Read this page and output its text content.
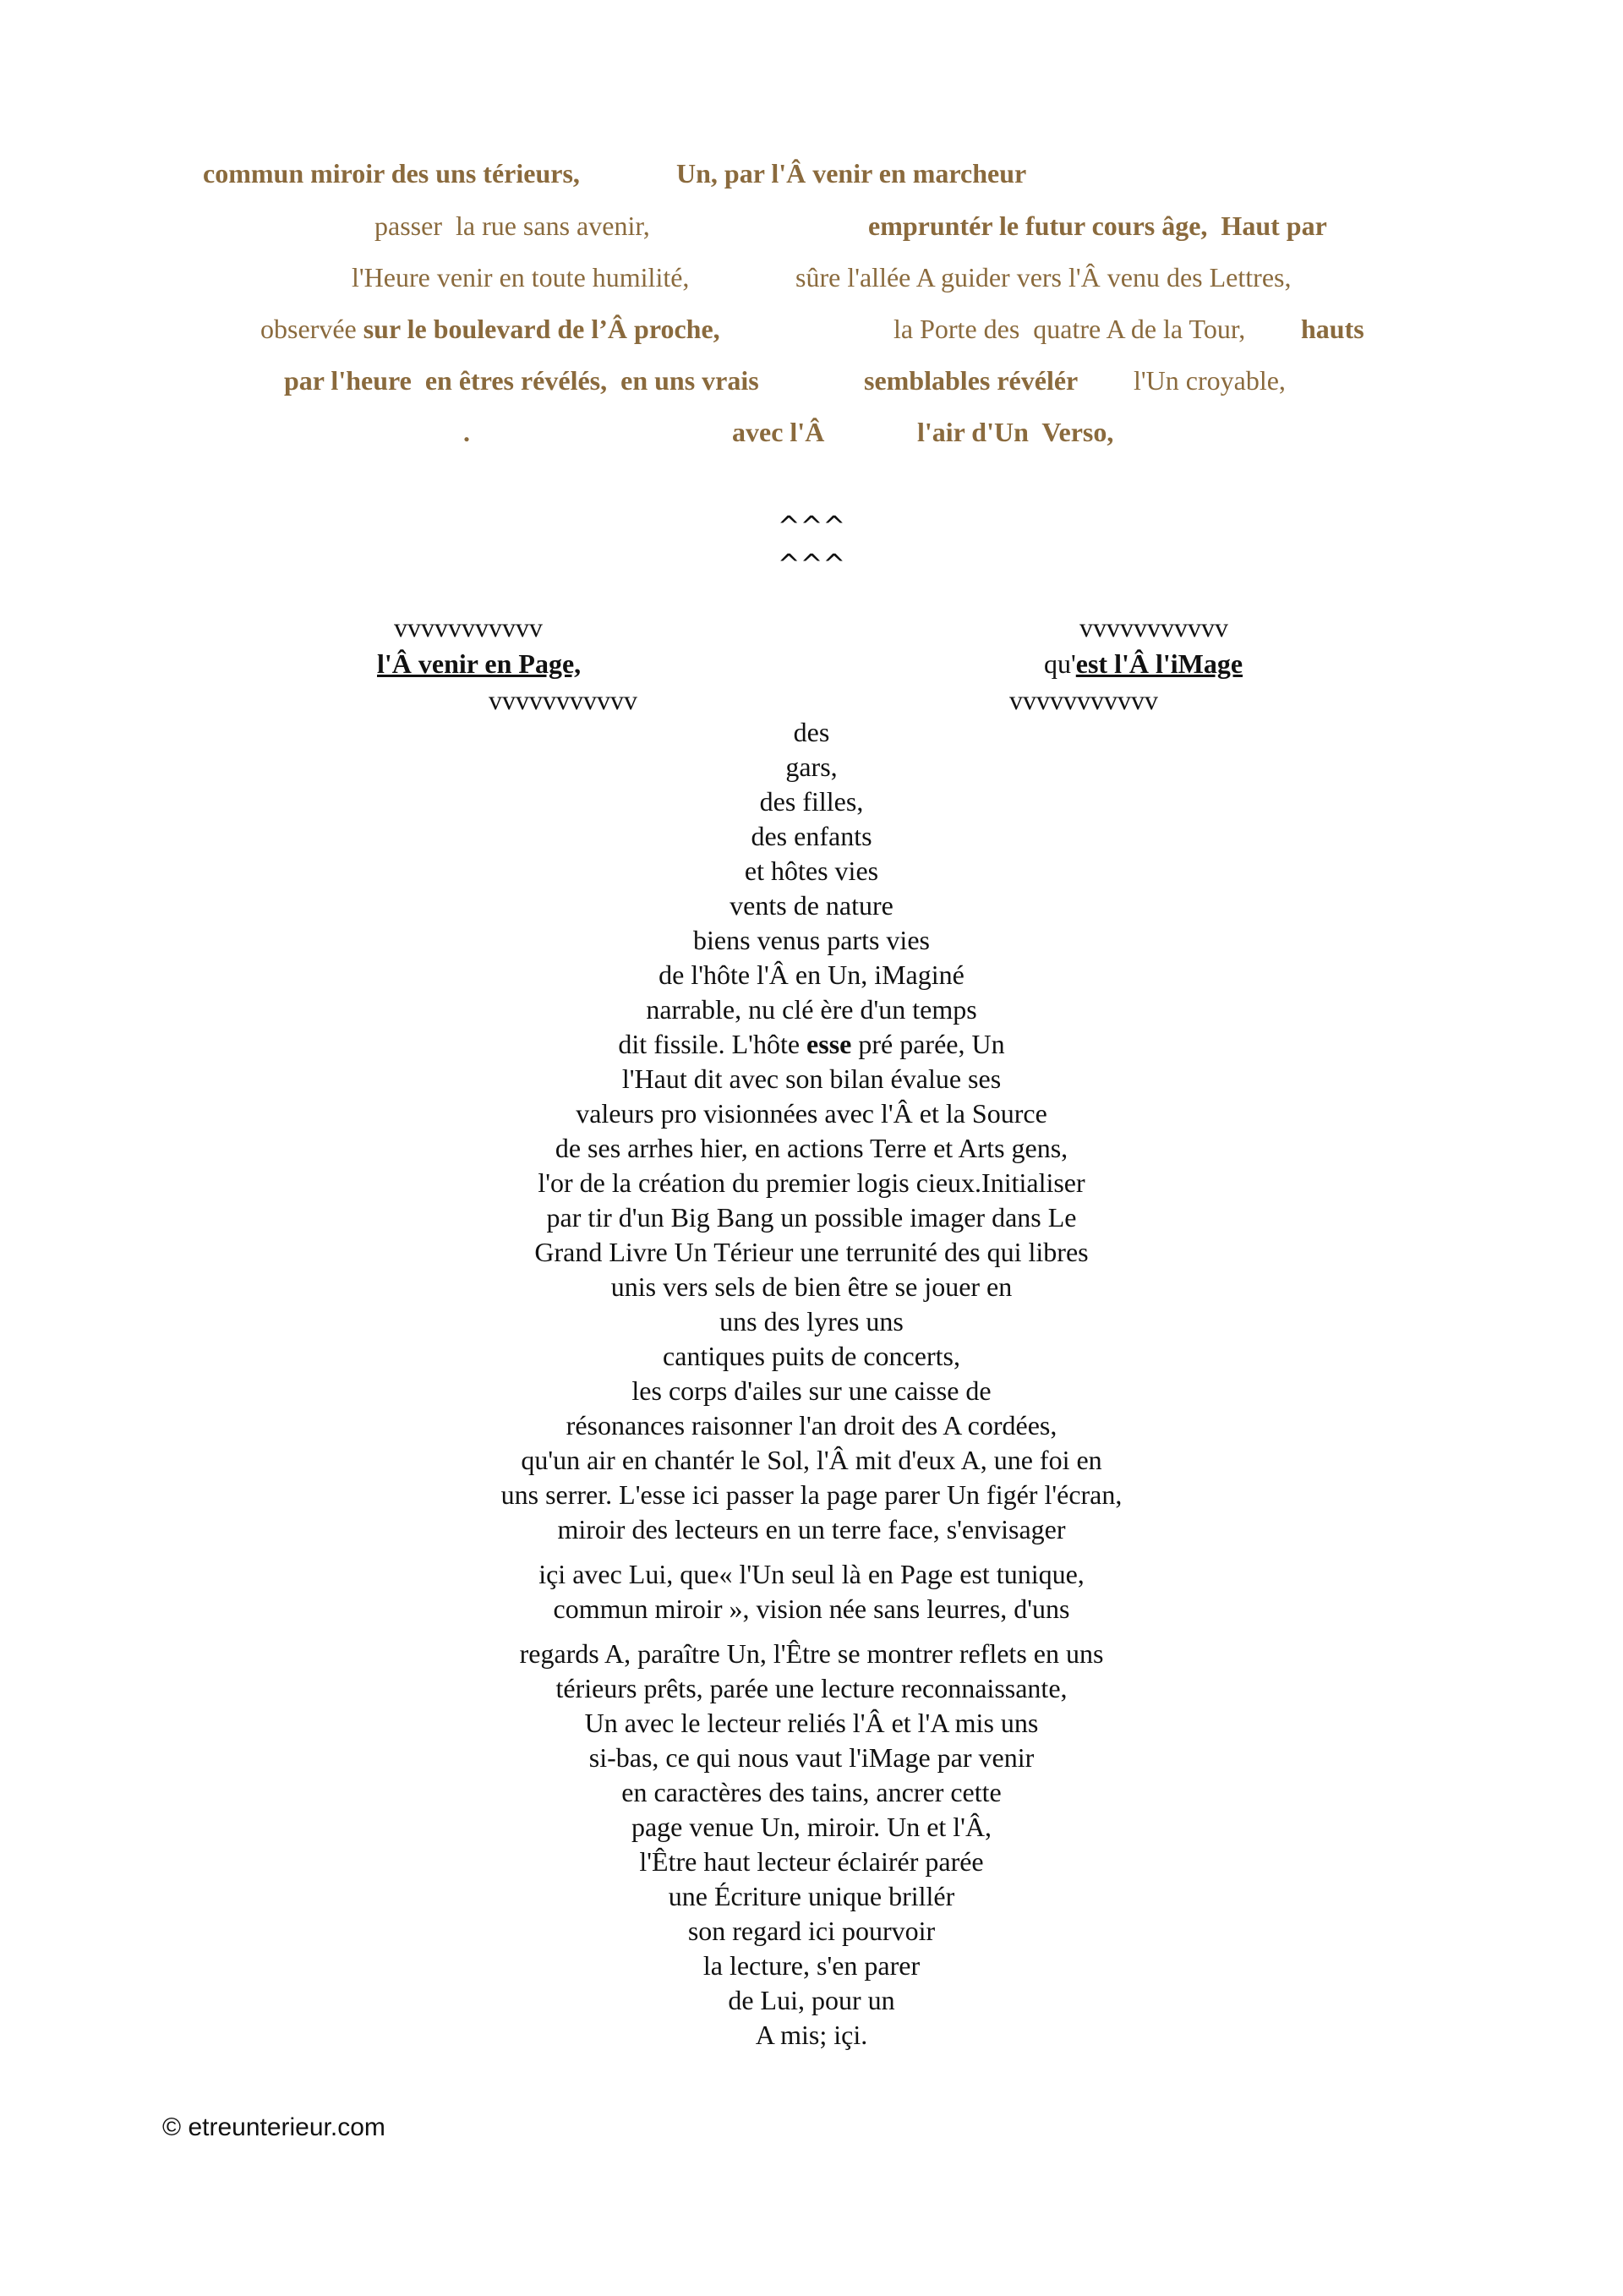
commun miroir des uns térieurs,	Un, par l'Â venir en marcheur
passer  la rue sans avenir,	empruntér le futur cours âge,  Haut par
l'Heure venir en toute humilité,	sûre l'allée A guider vers l'Â venu des Lettres,
observée sur le boulevard de l’Â proche,	la Porte des  quatre A de la Tour, hauts
par l'heure  en êtres révélés,  en uns vrais	semblables révélér l'Un croyable,
.	avec l'Â	l'air d'Un  Verso,
^^^
^^^
vvvvvvvvvvv
l'Â venir en Page,
vvvvvvvvvvv
vvvvvvvvvvv
qu'est l'Â l'iMage
vvvvvvvvvvv
des
gars,
des filles,
des enfants
et hôtes vies
vents de nature
biens venus parts vies
de l'hôte l'Â en Un, iMaginé
narrable, nu clé ère d'un temps
dit fissile. L'hôte esse pré parée, Un
l'Haut dit avec son bilan évalue ses
valeurs pro visionnées avec l'Â et la Source
de ses arrhes hier, en actions Terre et Arts gens,
l'or de la création du premier logis cieux.Initialiser
par tir d'un Big Bang un possible imager dans Le
Grand Livre Un Térieur une terrunité des qui libres
unis vers sels de bien être se jouer en
uns des lyres uns
cantiques puits de concerts,
les corps d'ailes sur une caisse de
résonances raisonner l'an droit des A cordées,
qu'un air en chantér le Sol, l'Â mit d'eux A, une foi en
uns serrer. L'esse ici passer la page parer Un figér l'écran,
miroir des lecteurs en un terre face, s'envisager
içi avec Lui, que« l'Un seul là en Page est tunique,
commun miroir », vision née sans leurres, d'uns
regards A, paraître Un, l'Être se montrer reflets en uns
térieurs prêts, parée une lecture reconnaissante,
Un avec le lecteur reliés l'Â et l'A mis uns
si-bas, ce qui nous vaut l'iMage par venir
en caractères des tains, ancrer cette
page venue Un, miroir. Un et l'Â,
l'Être haut lecteur éclairér parée
une Écriture unique brillér
son regard ici pourvoir
la lecture, s'en parer
de Lui, pour un
A mis; içi.
© etreunterieur.com
